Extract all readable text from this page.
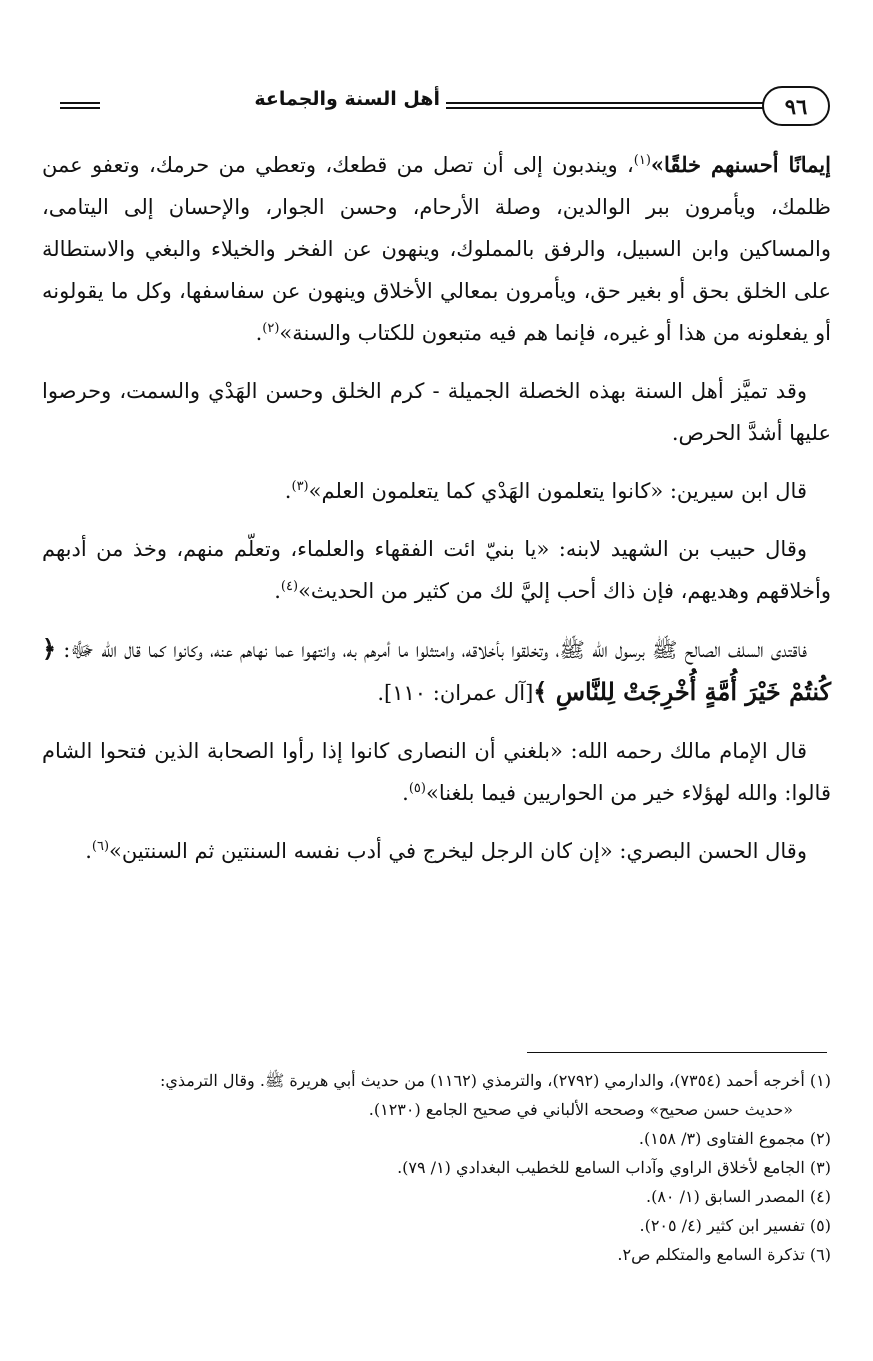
٩٦
أهل السنة والجماعة

إيمانًا أحسنهم خلقًا»$^{(١)}$، ويندبون إلى أن تصل من قطعك، وتعطي من حرمك، وتعفو عمن ظلمك، ويأمرون ببر الوالدين، وصلة الأرحام، وحسن الجوار، والإحسان إلى اليتامى، والمساكين وابن السبيل، والرفق بالمملوك، وينهون عن الفخر والخيلاء والبغي والاستطالة على الخلق بحق أو بغير حق، ويأمرون بمعالي الأخلاق وينهون عن سفاسفها، وكل ما يقولونه أو يفعلونه من هذا أو غيره، فإنما هم فيه متبعون للكتاب والسنة»$^{(٢)}$.

وقد تميَّز أهل السنة بهذه الخصلة الجميلة - كرم الخلق وحسن الهَدْي والسمت، وحرصوا عليها أشدَّ الحرص.

قال ابن سيرين: «كانوا يتعلمون الهَدْي كما يتعلمون العلم»$^{(٣)}$.

وقال حبيب بن الشهيد لابنه: «يا بنيّ ائت الفقهاء والعلماء، وتعلّم منهم، وخذ من أدبهم وأخلاقهم وهديهم، فإن ذاك أحب إليَّ لك من كثير من الحديث»$^{(٤)}$.

فاقتدى السلف الصالح ﷺ برسول الله ﷺ، وتخلقوا بأخلاقه، وامتثلوا ما أمرهم به، وانتهوا عما نهاهم عنه، وكانوا كما قال الله ﷻ: ﴿ كُنتُمْ خَيْرَ أُمَّةٍ أُخْرِجَتْ لِلنَّاسِ ﴾[آل عمران: ١١٠].

قال الإمام مالك رحمه الله: «بلغني أن النصارى كانوا إذا رأوا الصحابة الذين فتحوا الشام قالوا: والله لهؤلاء خير من الحواريين فيما بلغنا»$^{(٥)}$.

وقال الحسن البصري: «إن كان الرجل ليخرج في أدب نفسه السنتين ثم السنتين»$^{(٦)}$.

(١) أخرجه أحمد (٧٣٥٤)، والدارمي (٢٧٩٢)، والترمذي (١١٦٢) من حديث أبي هريرة ﷺ. وقال الترمذي:

«حديث حسن صحيح» وصححه الألباني في صحيح الجامع (١٢٣٠).

(٢) مجموع الفتاوى (٣/ ١٥٨).

(٣) الجامع لأخلاق الراوي وآداب السامع للخطيب البغدادي (١/ ٧٩).

(٤) المصدر السابق (١/ ٨٠).

(٥) تفسير ابن كثير (٤/ ٢٠٥).

(٦) تذكرة السامع والمتكلم ص٢.
